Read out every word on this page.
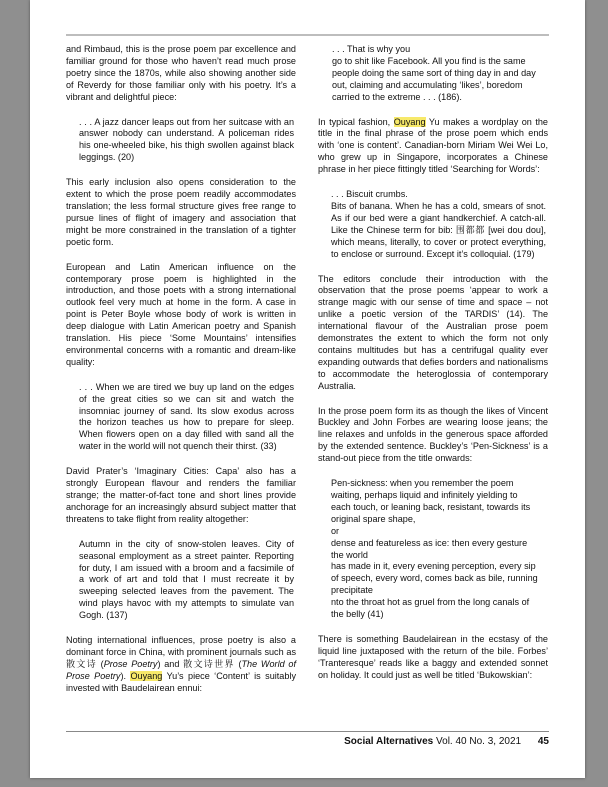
and Rimbaud, this is the prose poem par excellence and familiar ground for those who haven’t read much prose poetry since the 1870s, while also showing another side of Reverdy for those familiar only with his poetry. It’s a vibrant and delightful piece:

. . . A jazz dancer leaps out from her suitcase with an answer nobody can understand. A policeman rides his one-wheeled bike, his thigh swollen against black leggings. (20)

This early inclusion also opens consideration to the extent to which the prose poem readily accommodates translation; the less formal structure gives free range to pursue lines of flight of imagery and association that might be more constrained in the translation of a tighter poetic form.

European and Latin American influence on the contemporary prose poem is highlighted in the introduction, and those poets with a strong international outlook feel very much at home in the form. A case in point is Peter Boyle whose body of work is written in deep dialogue with Latin American poetry and Spanish translation. His piece ‘Some Mountains’ intensifies environmental concerns with a romantic and dream-like quality:

. . . When we are tired we buy up land on the edges of the great cities so we can sit and watch the insomniac journey of sand. Its slow exodus across the horizon teaches us how to prepare for sleep. When flowers open on a day filled with sand all the water in the world will not quench their thirst. (33)

David Prater’s ‘Imaginary Cities: Capa’ also has a strongly European flavour and renders the familiar strange; the matter-of-fact tone and short lines provide anchorage for an increasingly absurd subject matter that threatens to take flight from reality altogether:

Autumn in the city of snow-stolen leaves. City of seasonal employment as a street painter. Reporting for duty, I am issued with a broom and a facsimile of a work of art and told that I must recreate it by sweeping selected leaves from the pavement. The wind plays havoc with my attempts to simulate van Gogh. (137)

Noting international influences, prose poetry is also a dominant force in China, with prominent journals such as 散文诗 (Prose Poetry) and 散文诗世界 (The World of Prose Poetry). Ouyang Yu’s piece ‘Content’ is suitably invested with Baudelairean ennui:

. . . That is why you
go to shit like Facebook. All you find is the same
people doing the same sort of thing day in and day
out, claiming and accumulating ‘likes’, boredom
carried to the extreme . . . (186).

In typical fashion, Ouyang Yu makes a wordplay on the title in the final phrase of the prose poem which ends with ‘one is content’. Canadian-born Miriam Wei Wei Lo, who grew up in Singapore, incorporates a Chinese phrase in her piece fittingly titled ‘Searching for Words’:

. . . Biscuit crumbs.
Bits of banana. When he has a cold, smears of snot. As if our bed were a giant handkerchief. A catch-all. Like the Chinese term for bib: 围都都 [wei dou dou], which means, literally, to cover or protect everything, to enclose or surround. Except it’s colloquial. (179)

The editors conclude their introduction with the observation that the prose poems ‘appear to work a strange magic with our sense of time and space – not unlike a poetic version of the TARDIS’ (14). The international flavour of the Australian prose poem demonstrates the extent to which the form not only contains multitudes but has a centrifugal quality ever expanding outwards that defies borders and nationalisms to accommodate the heteroglossia of contemporary Australia.

In the prose poem form its as though the likes of Vincent Buckley and John Forbes are wearing loose jeans; the line relaxes and unfolds in the generous space afforded by the extended sentence. Buckley’s ‘Pen-Sickness’ is a stand-out piece from the title onwards:

Pen-sickness: when you remember the poem
waiting, perhaps liquid and infinitely yielding to
each touch, or leaning back, resistant, towards its
original spare shape,
or
dense and featureless as ice: then every gesture
the world
has made in it, every evening perception, every sip
of speech, every word, comes back as bile, running
precipitate
nto the throat hot as gruel from the long canals of
the belly (41)

There is something Baudelairean in the ecstasy of the liquid line juxtaposed with the return of the bile. Forbes’ ‘Tranteresque’ reads like a baggy and extended sonnet on holiday. It could just as well be titled ‘Bukowskian’:

Social Alternatives Vol. 40 No. 3, 2021 45
